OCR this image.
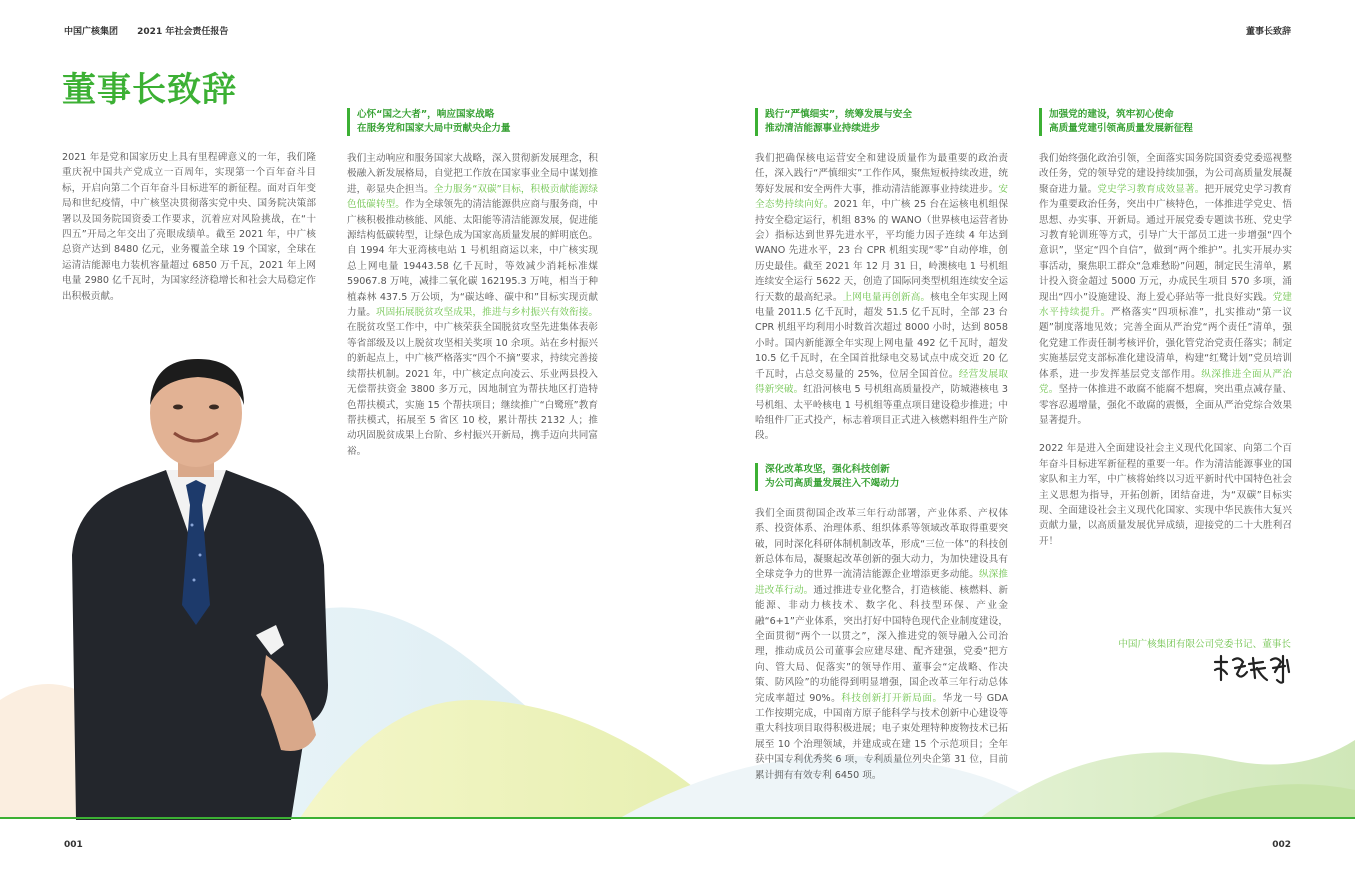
中国广核集团 2021 年社会责任报告	董事长致辞
董事长致辞

2021 年是党和国家历史上具有里程碑意义的一年，我们隆重庆祝中国共产党成立一百周年，实现第一个百年奋斗目标，开启向第二个百年奋斗目标进军的新征程。面对百年变局和世纪疫情，中广核坚决贯彻落实党中央、国务院决策部署以及国务院国资委工作要求，沉着应对风险挑战，在“十四五”开局之年交出了亮眼成绩单。截至 2021 年，中广核总资产达到 8480 亿元，业务覆盖全球 19 个国家，全球在运清洁能源电力装机容量超过 6850 万千瓦，2021 年上网电量 2980 亿千瓦时，为国家经济稳增长和社会大局稳定作出积极贡献。

心怀“国之大者”，响应国家战略
在服务党和国家大局中贡献央企力量

我们主动响应和服务国家大战略，深入贯彻新发展理念，积极融入新发展格局，自觉把工作放在国家事业全局中谋划推进，彰显央企担当。全力服务“双碳”目标，积极贡献能源绿色低碳转型。作为全球领先的清洁能源供应商与服务商，中广核积极推动核能、风能、太阳能等清洁能源发展，促进能源结构低碳转型，让绿色成为国家高质量发展的鲜明底色。自 1994 年大亚湾核电站 1 号机组商运以来，中广核实现总上网电量 19443.58 亿千瓦时，等效减少消耗标准煤 59067.8 万吨，减排二氧化碳 162195.3 万吨，相当于种植森林 437.5 万公顷，为“碳达峰、碳中和”目标实现贡献力量。巩固拓展脱贫攻坚成果，推进与乡村振兴有效衔接。在脱贫攻坚工作中，中广核荣获全国脱贫攻坚先进集体表彰等省部级及以上脱贫攻坚相关奖项 10 余项。站在乡村振兴的新起点上，中广核严格落实“四个不摘”要求，持续完善接续帮扶机制。2021 年，中广核定点向凌云、乐业两县投入无偿帮扶资金 3800 多万元，因地制宜为帮扶地区打造特色帮扶模式，实施 15 个帮扶项目；继续推广“白鹭班”教育帮扶模式，拓展至 5 省区 10 校，累计帮扶 2132 人；推动巩固脱贫成果上台阶、乡村振兴开新局，携手迈向共同富裕。

践行“严慎细实”，统筹发展与安全
推动清洁能源事业持续进步

我们把确保核电运营安全和建设质量作为最重要的政治责任，深入践行“严慎细实”工作作风，聚焦短板持续改进，统筹好发展和安全两件大事，推动清洁能源事业持续进步。安全态势持续向好。2021 年，中广核 25 台在运核电机组保持安全稳定运行，机组 83% 的 WANO（世界核电运营者协会）指标达到世界先进水平，平均能力因子连续 4 年达到 WANO 先进水平，23 台 CPR 机组实现“零”自动停堆，创历史最佳。截至 2021 年 12 月 31 日，岭澳核电 1 号机组连续安全运行 5622 天，创造了国际同类型机组连续安全运行天数的最高纪录。上网电量再创新高。核电全年实现上网电量 2011.5 亿千瓦时，超发 51.5 亿千瓦时，全部 23 台 CPR 机组平均利用小时数首次超过 8000 小时，达到 8058 小时。国内新能源全年实现上网电量 492 亿千瓦时，超发 10.5 亿千瓦时，在全国首批绿电交易试点中成交近 20 亿千瓦时，占总交易量的 25%，位居全国首位。经营发展取得新突破。红沿河核电 5 号机组高质量投产，防城港核电 3 号机组、太平岭核电 1 号机组等重点项目建设稳步推进；中哈组件厂正式投产，标志着项目正式进入核燃料组件生产阶段。

深化改革攻坚，强化科技创新
为公司高质量发展注入不竭动力

我们全面贯彻国企改革三年行动部署，产业体系、产权体系、投资体系、治理体系、组织体系等领域改革取得重要突破，同时深化科研体制机制改革，形成“三位一体”的科技创新总体布局，凝聚起改革创新的强大动力，为加快建设具有全球竞争力的世界一流清洁能源企业增添更多动能。纵深推进改革行动。通过推进专业化整合，打造核能、核燃料、新能源、非动力核技术、数字化、科技型环保、产业金融“6+1”产业体系，突出打好中国特色现代企业制度建设，全面贯彻“两个一以贯之”，深入推进党的领导融入公司治理，推动成员公司董事会应建尽建、配齐建强，党委“把方向、管大局、促落实”的领导作用、董事会“定战略、作决策、防风险”的功能得到明显增强，国企改革三年行动总体完成率超过 90%。科技创新打开新局面。华龙一号 GDA 工作按期完成，中国南方原子能科学与技术创新中心建设等重大科技项目取得积极进展；电子束处理特种废物技术已拓展至 10 个治理领域，并建成或在建 15 个示范项目；全年获中国专利优秀奖 6 项，专利质量位列央企第 31 位，目前累计拥有有效专利 6450 项。

加强党的建设，筑牢初心使命
高质量党建引领高质量发展新征程

我们始终强化政治引领，全面落实国务院国资委党委巡视整改任务，党的领导党的建设持续加强，为公司高质量发展凝聚奋进力量。党史学习教育成效显著。把开展党史学习教育作为重要政治任务，突出中广核特色，一体推进学党史、悟思想、办实事、开新局。通过开展党委专题读书班、党史学习教育轮训班等方式，引导广大干部员工进一步增强“四个意识”，坚定“四个自信”，做到“两个维护”。扎实开展办实事活动，聚焦职工群众“急难愁盼”问题，制定民生清单，累计投入资金超过 5000 万元，办成民生项目 570 多项，涌现出“四小”设施建设、海上爱心驿站等一批良好实践。党建水平持续提升。严格落实“四项标准”，扎实推动“第一议题”制度落地见效；完善全面从严治党“两个责任”清单，强化党建工作责任制考核评价，强化管党治党责任落实；制定实施基层党支部标准化建设清单，构建“红鹭计划”党员培训体系，进一步发挥基层党支部作用。纵深推进全面从严治党。坚持一体推进不敢腐不能腐不想腐，突出重点减存量、零容忍遏增量，强化不敢腐的震慑，全面从严治党综合效果显著提升。

2022 年是进入全面建设社会主义现代化国家、向第二个百年奋斗目标进军新征程的重要一年。作为清洁能源事业的国家队和主力军，中广核将始终以习近平新时代中国特色社会主义思想为指导，开拓创新，团结奋进，为“双碳”目标实现、全面建设社会主义现代化国家、实现中华民族伟大复兴贡献力量，以高质量发展优异成绩，迎接党的二十大胜利召开！

中国广核集团有限公司党委书记、董事长
001	002
